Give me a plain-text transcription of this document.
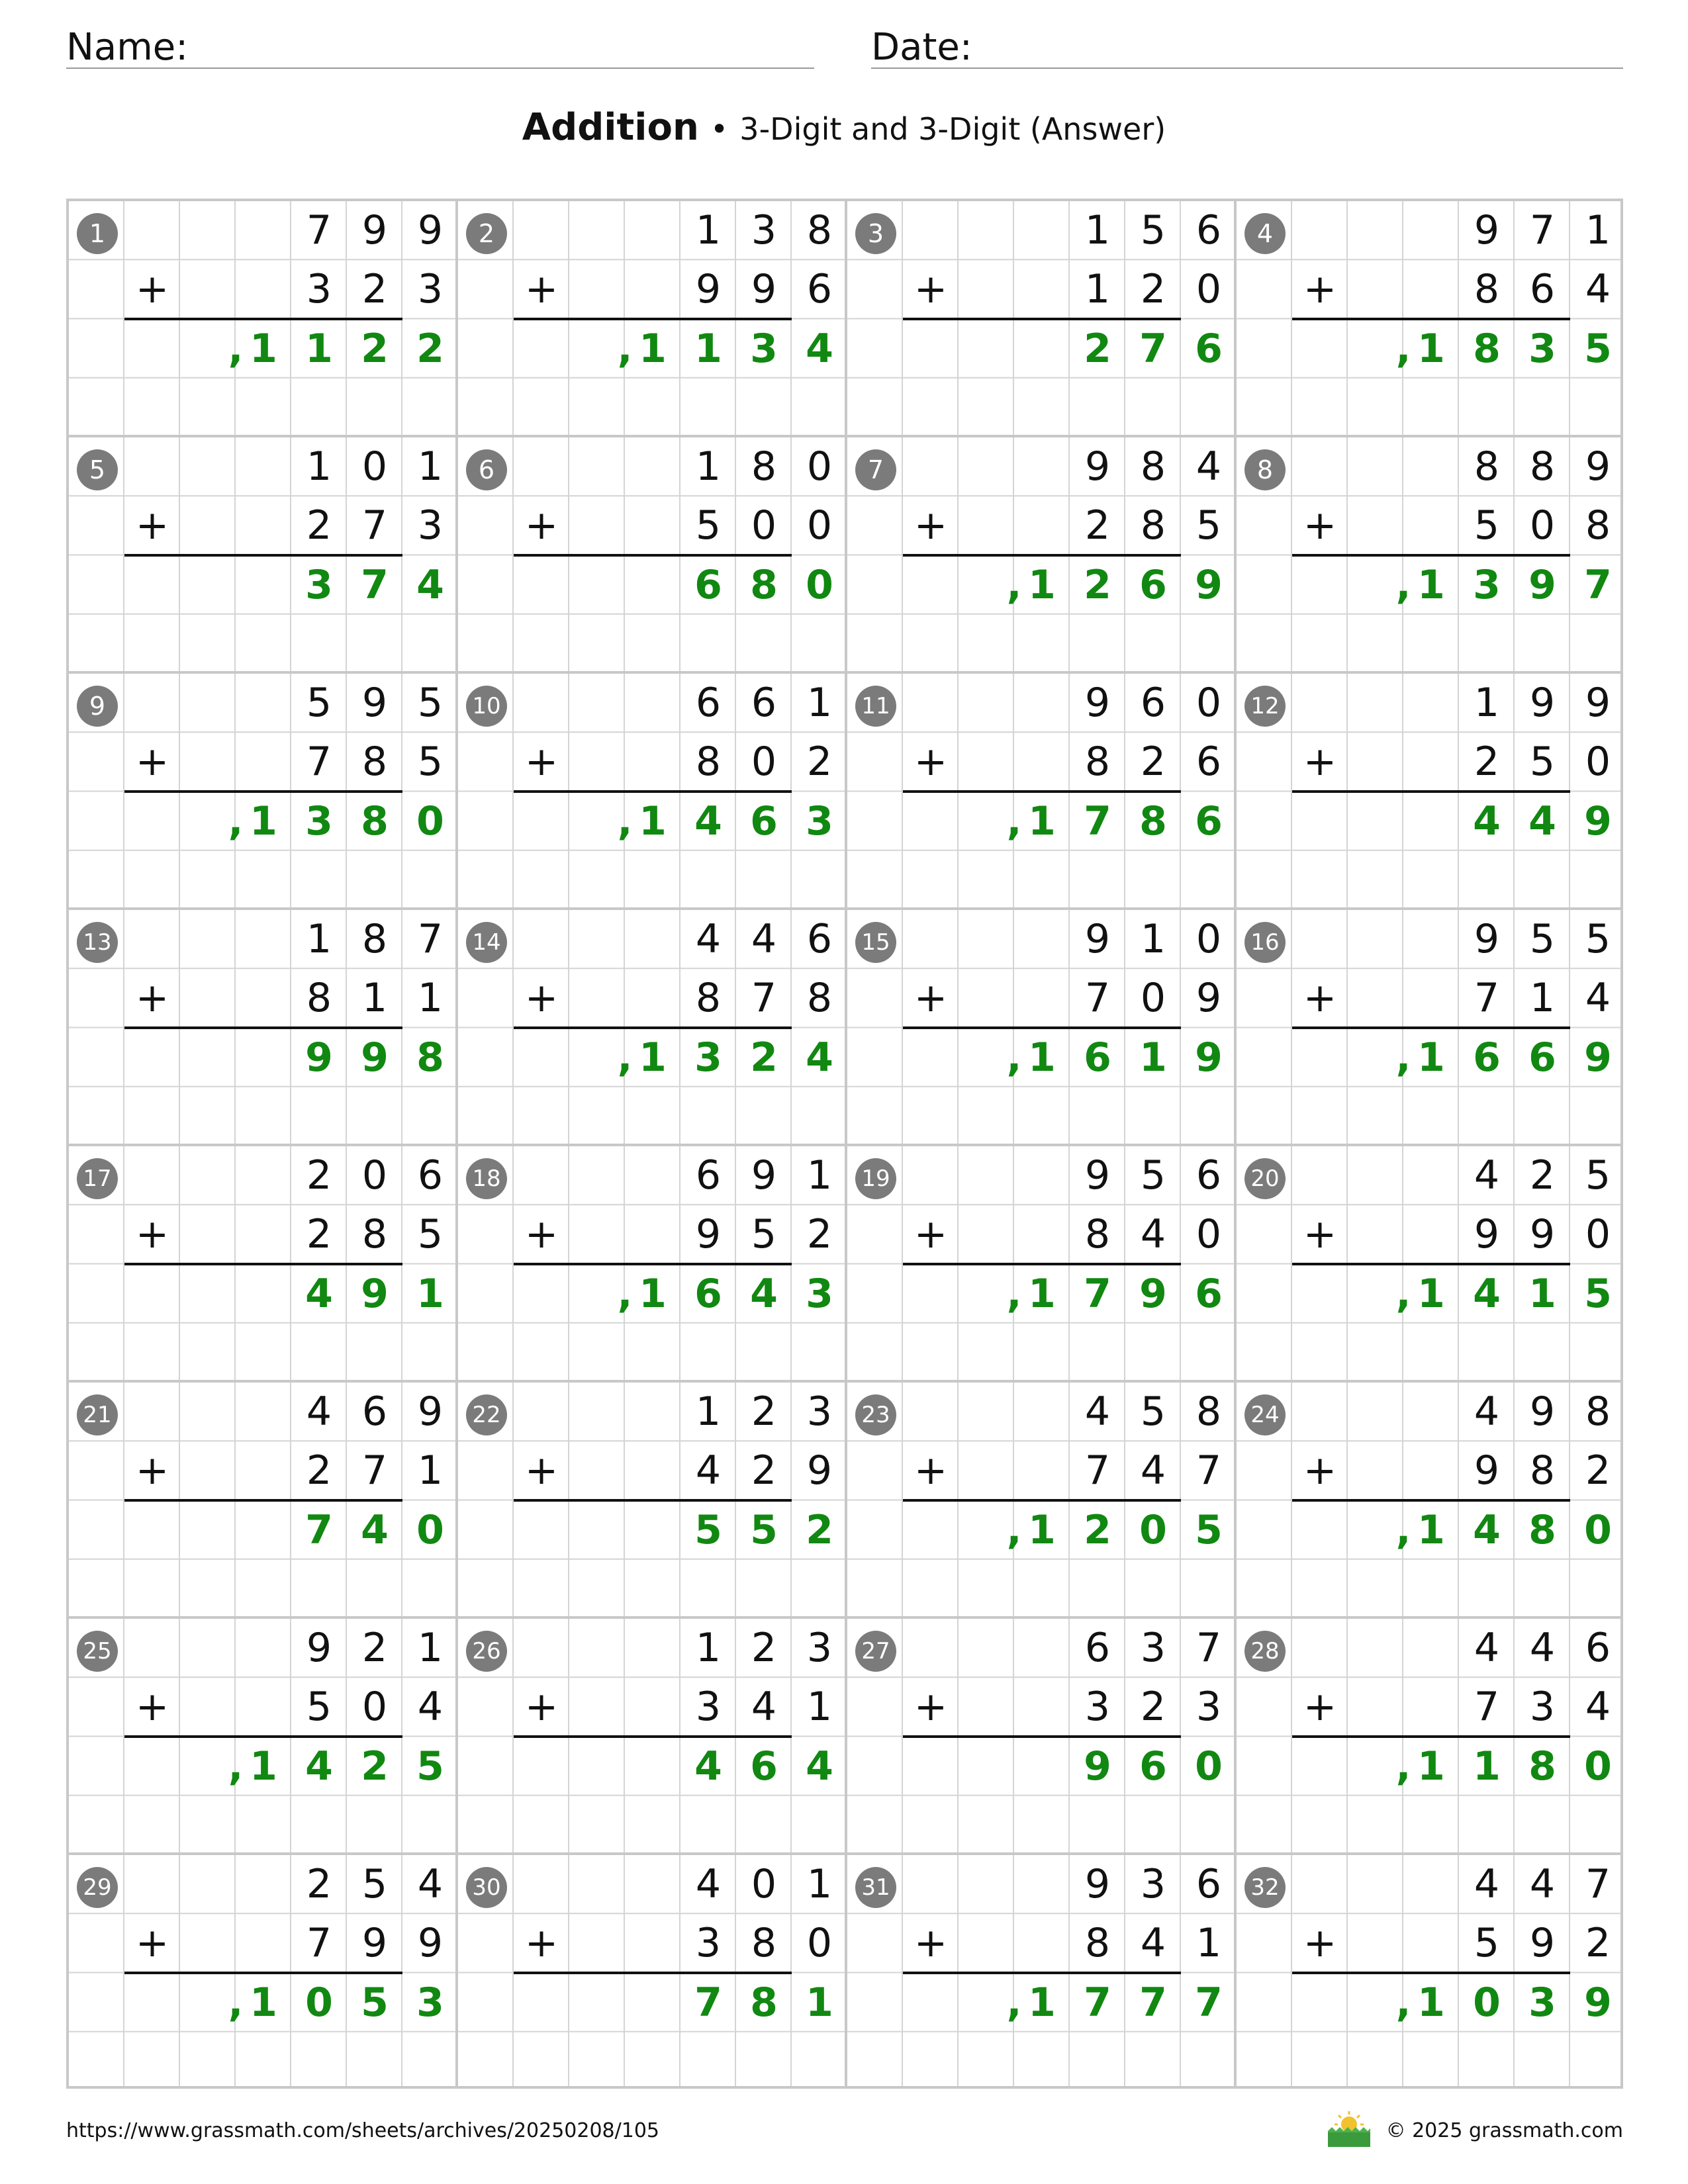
Name:	Date:
Addition • 3-Digit and 3-Digit (Answer)
1	7 9 9
+	3 2 3
1 1 2 2
,
2	1 3 8
+	9 9 6
1 1 3 4
,
3	1 5 6
+	1 2 0
2 7 6
4	9 7 1
+	8 6 4
1 8 3 5
,
5	1 0 1
+	2 7 3
3 7 4
6	1 8 0
+	5 0 0
6 8 0
7	9 8 4
+	2 8 5
1 2 6 9
,
8	8 8 9
+	5 0 8
1 3 9 7
,
9	5 9 5
+	7 8 5
1 3 8 0
,
10	6 6 1
+	8 0 2
1 4 6 3
,
11	9 6 0
+	8 2 6
1 7 8 6
,
12	1 9 9
+	2 5 0
4 4 9
13	1 8 7
+	8 1 1
9 9 8
14	4 4 6
+	8 7 8
1 3 2 4
,
15	9 1 0
+	7 0 9
1 6 1 9
,
16	9 5 5
+	7 1 4
1 6 6 9
,
17	2 0 6
+	2 8 5
4 9 1
18	6 9 1
+	9 5 2
1 6 4 3
,
19	9 5 6
+	8 4 0
1 7 9 6
,
20	4 2 5
+	9 9 0
1 4 1 5
,
21	4 6 9
+	2 7 1
7 4 0
22	1 2 3
+	4 2 9
5 5 2
23	4 5 8
+	7 4 7
1 2 0 5
,
24	4 9 8
+	9 8 2
1 4 8 0
,
25	9 2 1
+	5 0 4
1 4 2 5
,
26	1 2 3
+	3 4 1
4 6 4
27	6 3 7
+	3 2 3
9 6 0
28	4 4 6
+	7 3 4
1 1 8 0
,
29	2 5 4
+	7 9 9
1 0 5 3
,
30	4 0 1
+	3 8 0
7 8 1
31	9 3 6
+	8 4 1
1 7 7 7
,
32	4 4 7
+	5 9 2
1 0 3 9
,
https://www.grassmath.com/sheets/archives/20250208/105	© 2025 grassmath.com
